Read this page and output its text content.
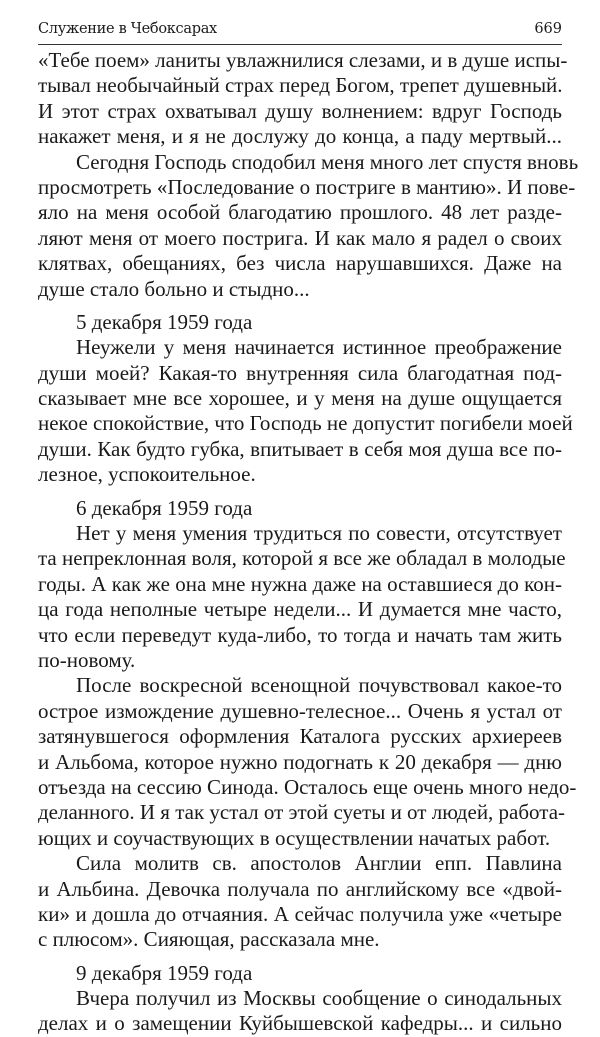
Служение в Чебоксарах	669
«Тебе поем» ланиты увлажнилися слезами, и в душе испы-
тывал необычайный страх перед Богом, трепет душевный.
И этот страх охватывал душу волнением: вдруг Господь
накажет меня, и я не дослужу до конца, а паду мертвый...
Сегодня Господь сподобил меня много лет спустя вновь
просмотреть «Последование о постриге в мантию». И пове-
яло на меня особой благодатию прошлого. 48 лет разде-
ляют меня от моего пострига. И как мало я радел о своих
клятвах, обещаниях, без числа нарушавшихся. Даже на
душе стало больно и стыдно...
5 декабря 1959 года
Неужели у меня начинается истинное преображение
души моей? Какая-то внутренняя сила благодатная под-
сказывает мне все хорошее, и у меня на душе ощущается
некое спокойствие, что Господь не допустит погибели моей
души. Как будто губка, впитывает в себя моя душа все по-
лезное, успокоительное.
6 декабря 1959 года
Нет у меня умения трудиться по совести, отсутствует
та непреклонная воля, которой я все же обладал в молодые
годы. А как же она мне нужна даже на оставшиеся до кон-
ца года неполные четыре недели... И думается мне часто,
что если переведут куда-либо, то тогда и начать там жить
по-новому.
После воскресной всенощной почувствовал какое-то
острое измождение душевно-телесное... Очень я устал от
затянувшегося оформления Каталога русских архиереев
и Альбома, которое нужно подогнать к 20 декабря — дню
отъезда на сессию Синода. Осталось еще очень много недо-
деланного. И я так устал от этой суеты и от людей, работа-
ющих и соучаствующих в осуществлении начатых работ.
Сила молитв св. апостолов Англии епп. Павлина
и Альбина. Девочка получала по английскому все «двой-
ки» и дошла до отчаяния. А сейчас получила уже «четыре
с плюсом». Сияющая, рассказала мне.
9 декабря 1959 года
Вчера получил из Москвы сообщение о синодальных
делах и о замещении Куйбышевской кафедры... и сильно
